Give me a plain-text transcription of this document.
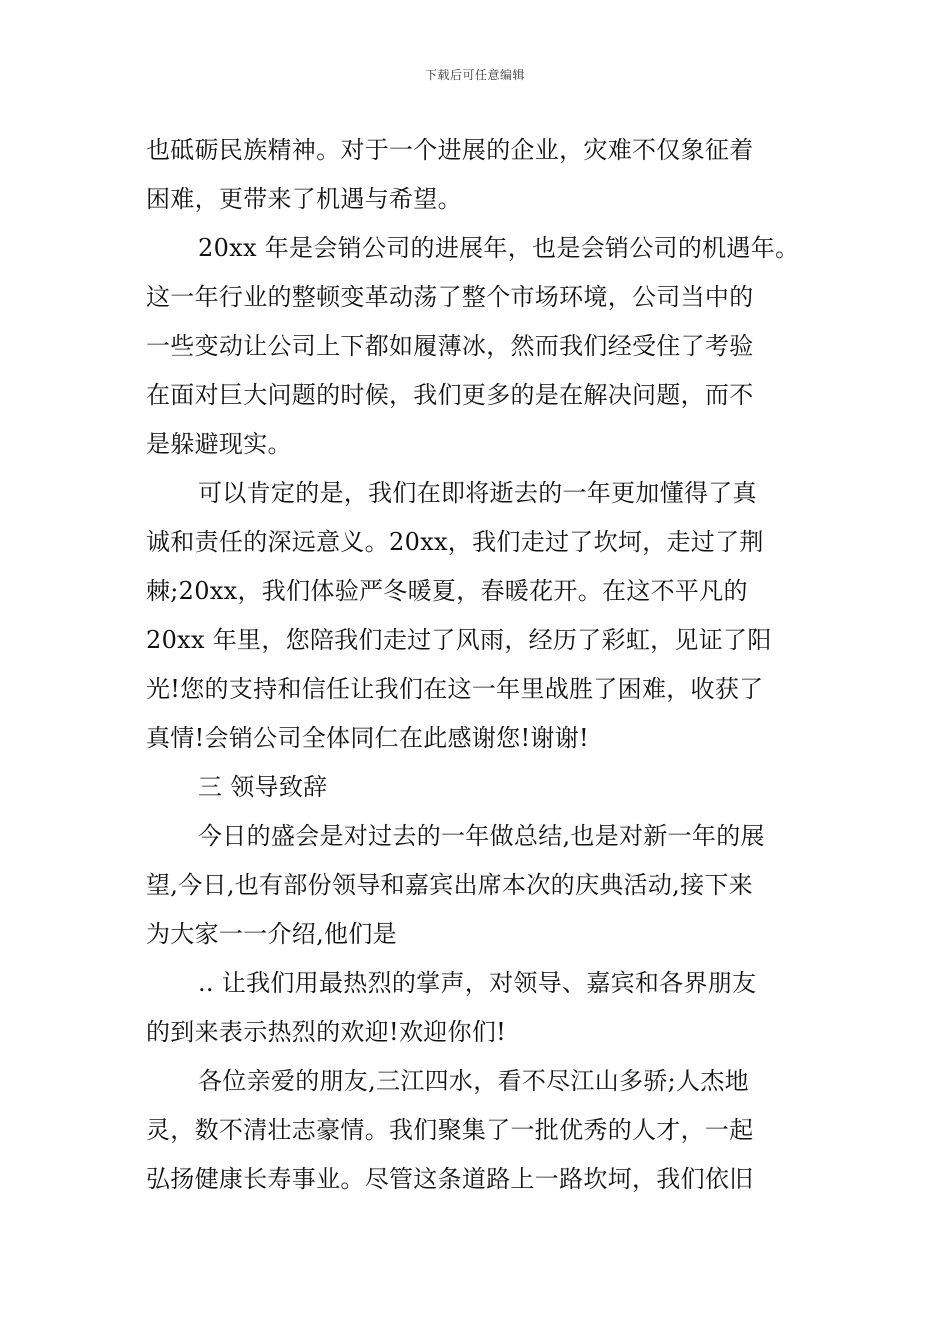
下载后可任意编辑
也砥砺民族精神。对于一个进展的企业，灾难不仅象征着
困难，更带来了机遇与希望。
20xx 年是会销公司的进展年，也是会销公司的机遇年。
这一年行业的整顿变革动荡了整个市场环境，公司当中的
一些变动让公司上下都如履薄冰，然而我们经受住了考验
在面对巨大问题的时候，我们更多的是在解决问题，而不
是躲避现实。
可以肯定的是，我们在即将逝去的一年更加懂得了真
诚和责任的深远意义。20xx，我们走过了坎坷，走过了荆
棘;20xx，我们体验严冬暖夏，春暖花开。在这不平凡的
20xx 年里，您陪我们走过了风雨，经历了彩虹，见证了阳
光!您的支持和信任让我们在这一年里战胜了困难，收获了
真情!会销公司全体同仁在此感谢您!谢谢!
三 领导致辞
今日的盛会是对过去的一年做总结,也是对新一年的展
望,今日,也有部份领导和嘉宾出席本次的庆典活动,接下来
为大家一一介绍,他们是
.. 让我们用最热烈的掌声，对领导、嘉宾和各界朋友
的到来表示热烈的欢迎!欢迎你们!
各位亲爱的朋友,三江四水，看不尽江山多骄;人杰地
灵，数不清壮志豪情。我们聚集了一批优秀的人才，一起
弘扬健康长寿事业。尽管这条道路上一路坎坷，我们依旧
